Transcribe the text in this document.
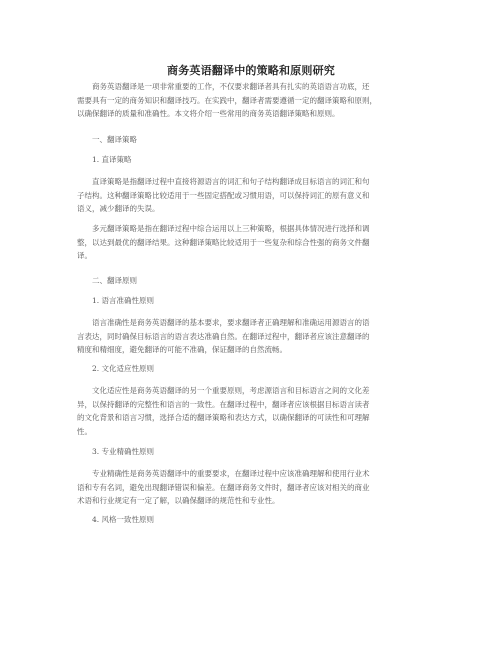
商务英语翻译中的策略和原则研究
商务英语翻译是一项非常重要的工作，不仅要求翻译者具有扎实的英语语言功底，还
需要具有一定的商务知识和翻译技巧。在实践中，翻译者需要遵循一定的翻译策略和原则，
以确保翻译的质量和准确性。本文将介绍一些常用的商务英语翻译策略和原则。
一、翻译策略
1. 直译策略
直译策略是指翻译过程中直接将源语言的词汇和句子结构翻译成目标语言的词汇和句
子结构。这种翻译策略比较适用于一些固定搭配或习惯用语，可以保持词汇的原有意义和
语义，减少翻译的失误。
多元翻译策略是指在翻译过程中综合运用以上三种策略，根据具体情况进行选择和调
整，以达到最优的翻译结果。这种翻译策略比较适用于一些复杂和综合性强的商务文件翻
译。
二、翻译原则
1. 语言准确性原则
语言准确性是商务英语翻译的基本要求，要求翻译者正确理解和准确运用源语言的语
言表达，同时确保目标语言的语言表达准确自然。在翻译过程中，翻译者应该注意翻译的
精度和精细度，避免翻译的可能不准确，保证翻译的自然流畅。
2. 文化适应性原则
文化适应性是商务英语翻译的另一个重要原则，考虑源语言和目标语言之间的文化差
异，以保持翻译的完整性和语言的一致性。在翻译过程中，翻译者应该根据目标语言读者
的文化背景和语言习惯，选择合适的翻译策略和表达方式，以确保翻译的可读性和可理解
性。
3. 专业精确性原则
专业精确性是商务英语翻译中的重要要求，在翻译过程中应该准确理解和使用行业术
语和专有名词，避免出现翻译错误和偏差。在翻译商务文件时，翻译者应该对相关的商业
术语和行业规定有一定了解，以确保翻译的规范性和专业性。
4. 风格一致性原则
